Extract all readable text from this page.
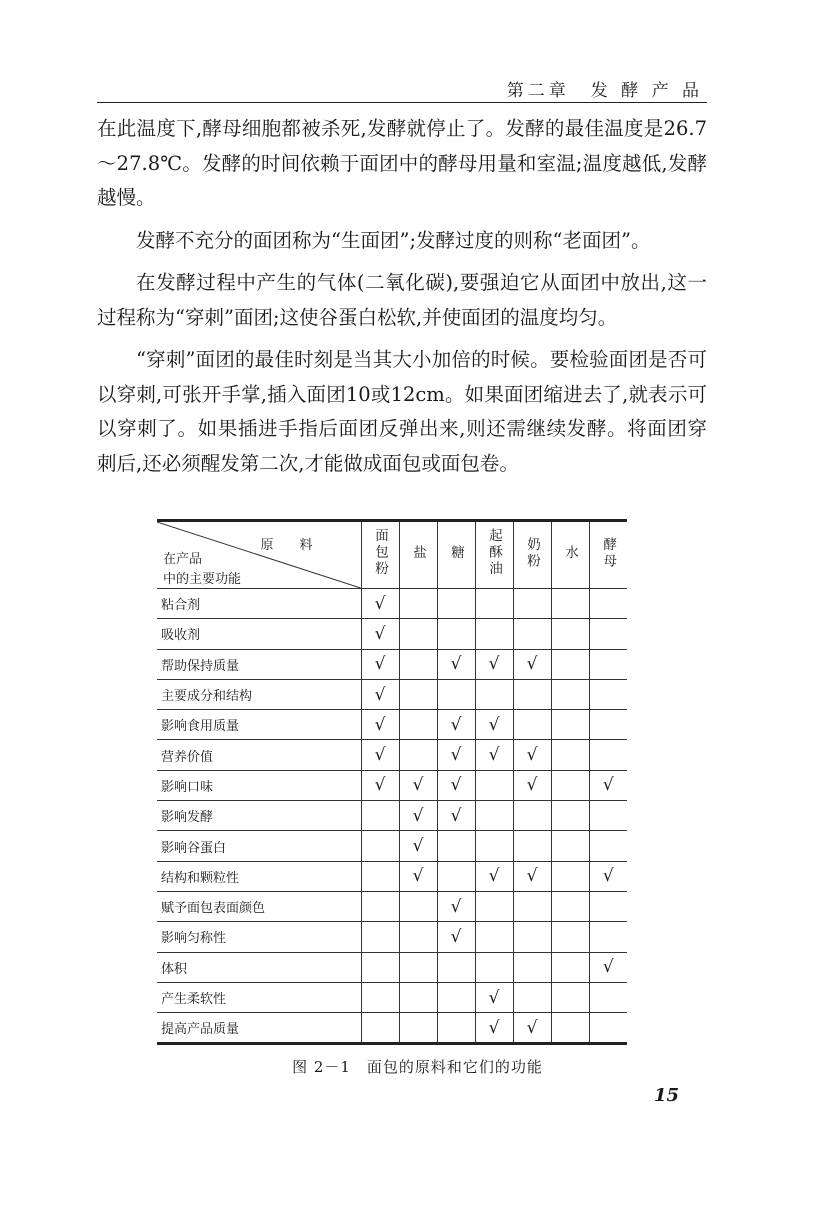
第二章　发 酵 产 品

在此温度下,酵母细胞都被杀死,发酵就停止了。发酵的最佳温度是26.7～27.8℃。发酵的时间依赖于面团中的酵母用量和室温;温度越低,发酵越慢。

发酵不充分的面团称为“生面团”;发酵过度的则称“老面团”。

在发酵过程中产生的气体(二氧化碳),要强迫它从面团中放出,这一过程称为“穿刺”面团;这使谷蛋白松软,并使面团的温度均匀。

“穿刺”面团的最佳时刻是当其大小加倍的时候。要检验面团是否可以穿刺,可张开手掌,插入面团10或12cm。如果面团缩进去了,就表示可以穿刺了。如果插进手指后面团反弹出来,则还需继续发酵。将面团穿刺后,还必须醒发第二次,才能做成面包或面包卷。

原料
在产品
中的主要功能	面包粉	盐	糖	起酥油	奶粉	水	酵母
粘合剂	√						
吸收剂	√						
帮助保持质量	√		√	√	√		
主要成分和结构	√						
影响食用质量	√		√	√			
营养价值	√		√	√	√		
影响口味	√	√	√		√		√
影响发酵		√	√				
影响谷蛋白		√					
结构和颗粒性		√		√	√		√
赋予面包表面颜色			√				
影响匀称性			√				
体积							√
产生柔软性				√			
提高产品质量				√	√		
图 2－1　面包的原料和它们的功能
15
